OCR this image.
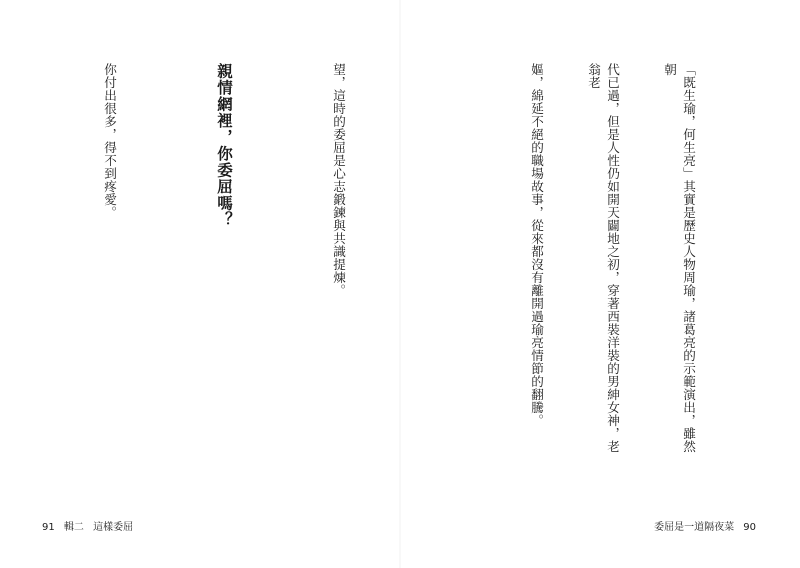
「既生瑜，何生亮」其實是歷史人物周瑜，諸葛亮的示範演出，雖然朝

代已過，但是人性仍如開天闢地之初，穿著西裝洋裝的男紳女神，老翁老

嫗，綿延不絕的職場故事，從來都沒有離開過瑜亮情節的翻騰。

委屈是一道隔夜菜 90

望，這時的委屈是心志鍛鍊與共識提煉。

親情網裡，你委屈嗎？

你付出很多，得不到疼愛。

91 輯二 這樣委屈
